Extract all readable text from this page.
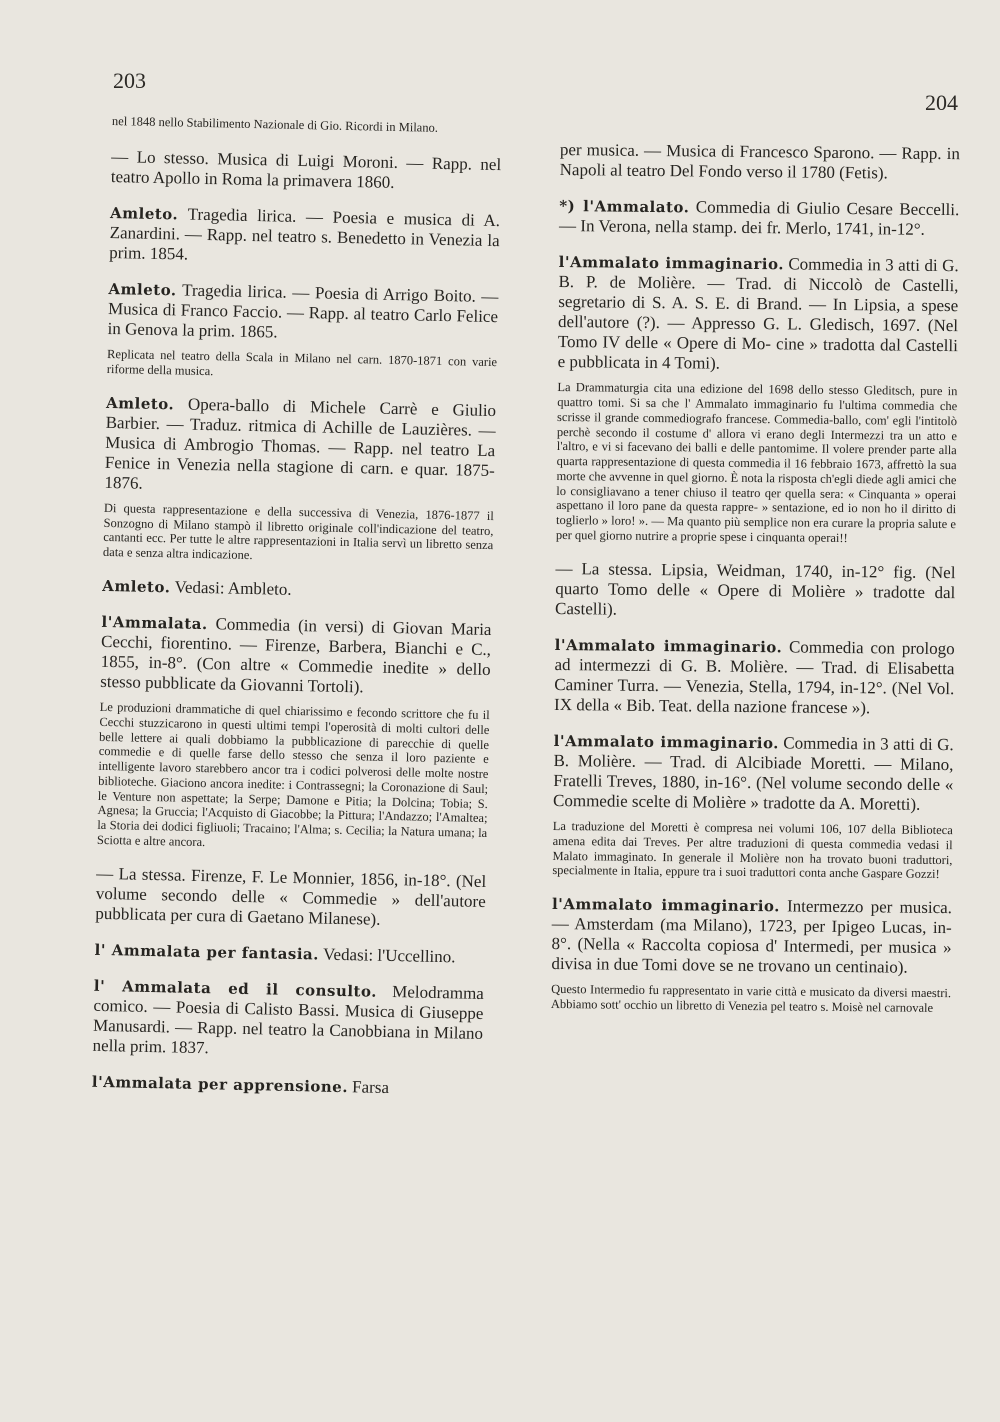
203
204
nel 1848 nello Stabilimento Nazionale di Gio. Ricordi in Milano.
— Lo stesso. Musica di Luigi Moroni. — Rapp. nel teatro Apollo in Roma la primavera 1860.
Amleto. Tragedia lirica. — Poesia e musica di A. Zanardini. — Rapp. nel teatro s. Benedetto in Venezia la prim. 1854.
Amleto. Tragedia lirica. — Poesia di Arrigo Boito. — Musica di Franco Faccio. — Rapp. al teatro Carlo Felice in Genova la prim. 1865.
Replicata nel teatro della Scala in Milano nel carn. 1870-1871 con varie riforme della musica.
Amleto. Opera-ballo di Michele Carrè e Giulio Barbier. — Traduz. ritmica di Achille de Lauzières. — Musica di Ambrogio Thomas. — Rapp. nel teatro La Fenice in Venezia nella stagione di carn. e quar. 1875-1876.
Di questa rappresentazione e della successiva di Venezia, 1876-1877 il Sonzogno di Milano stampò il libretto originale coll'indicazione del teatro, cantanti ecc. Per tutte le altre rappresentazioni in Italia servì un libretto senza data e senza altra indicazione.
Amleto. Vedasi: Ambleto.
l'Ammalata. Commedia (in versi) di Giovan Maria Cecchi, fiorentino. — Firenze, Barbera, Bianchi e C., 1855, in-8°. (Con altre « Commedie inedite » dello stesso pubblicate da Giovanni Tortoli).
Le produzioni drammatiche di quel chiarissimo e fecondo scrittore che fu il Cecchi stuzzicarono in questi ultimi tempi l'operosità di molti cultori delle belle lettere ai quali dobbiamo la pubblicazione di parecchie di quelle commedie e di quelle farse dello stesso che senza il loro paziente e intelligente lavoro starebbero ancor tra i codici polverosi delle molte nostre biblioteche. Giaciono ancora inedite: i Contrassegni; la Coronazione di Saul; le Venture non aspettate; la Serpe; Damone e Pitia; la Dolcina; Tobia; S. Agnesa; la Gruccia; l'Acquisto di Giacobbe; la Pittura; l'Andazzo; l'Amaltea; la Storia dei dodici figliuoli; Tracaino; l'Alma; s. Cecilia; la Natura umana; la Sciotta e altre ancora.
— La stessa. Firenze, F. Le Monnier, 1856, in-18°. (Nel volume secondo delle « Commedie » dell'autore pubblicata per cura di Gaetano Milanese).
l' Ammalata per fantasia. Vedasi: l'Uccellino.
l' Ammalata ed il consulto. Melodramma comico. — Poesia di Calisto Bassi. Musica di Giuseppe Manusardi. — Rapp. nel teatro la Canobbiana in Milano nella prim. 1837.
l'Ammalata per apprensione. Farsa
per musica. — Musica di Francesco Sparono. — Rapp. in Napoli al teatro Del Fondo verso il 1780 (Fetis).
*) l'Ammalato. Commedia di Giulio Cesare Beccelli. — In Verona, nella stamp. dei fr. Merlo, 1741, in-12°.
l'Ammalato immaginario. Commedia in 3 atti di G. B. P. de Molière. — Trad. di Niccolò de Castelli, segretario di S. A. S. E. di Brand. — In Lipsia, a spese dell'autore (?). — Appresso G. L. Gledisch, 1697. (Nel Tomo IV delle « Opere di Mo- cine » tradotta dal Castelli e pubblicata in 4 Tomi).
La Drammaturgia cita una edizione del 1698 dello stesso Gleditsch, pure in quattro tomi. Si sa che l' Ammalato immaginario fu l'ultima commedia che scrisse il grande commediografo francese. Commedia-ballo, com' egli l'intitolò perchè secondo il costume d' allora vi erano degli Intermezzi tra un atto e l'altro, e vi si facevano dei balli e delle pantomime. Il volere prender parte alla quarta rappresentazione di questa commedia il 16 febbraio 1673, affrettò la sua morte che avvenne in quel giorno. È nota la risposta ch'egli diede agli amici che lo consigliavano a tener chiuso il teatro qer quella sera: « Cinquanta » operai aspettano il loro pane da questa rappre- » sentazione, ed io non ho il diritto di toglierlo » loro! ». — Ma quanto più semplice non era curare la propria salute e per quel giorno nutrire a proprie spese i cinquanta operai!!
— La stessa. Lipsia, Weidman, 1740, in-12° fig. (Nel quarto Tomo delle « Opere di Molière » tradotte dal Castelli).
l'Ammalato immaginario. Commedia con prologo ad intermezzi di G. B. Molière. — Trad. di Elisabetta Caminer Turra. — Venezia, Stella, 1794, in-12°. (Nel Vol. IX della « Bib. Teat. della nazione francese »).
l'Ammalato immaginario. Commedia in 3 atti di G. B. Molière. — Trad. di Alcibiade Moretti. — Milano, Fratelli Treves, 1880, in-16°. (Nel volume secondo delle « Commedie scelte di Molière » tradotte da A. Moretti).
La traduzione del Moretti è compresa nei volumi 106, 107 della Biblioteca amena edita dai Treves. Per altre traduzioni di questa commedia vedasi il Malato immaginato. In generale il Molière non ha trovato buoni traduttori, specialmente in Italia, eppure tra i suoi traduttori conta anche Gaspare Gozzi!
l'Ammalato immaginario. Intermezzo per musica. — Amsterdam (ma Milano), 1723, per Ipigeo Lucas, in-8°. (Nella « Raccolta copiosa d' Intermedi, per musica » divisa in due Tomi dove se ne trovano un centinaio).
Questo Intermedio fu rappresentato in varie città e musicato da diversi maestri. Abbiamo sott' occhio un libretto di Venezia pel teatro s. Moisè nel carnovale
